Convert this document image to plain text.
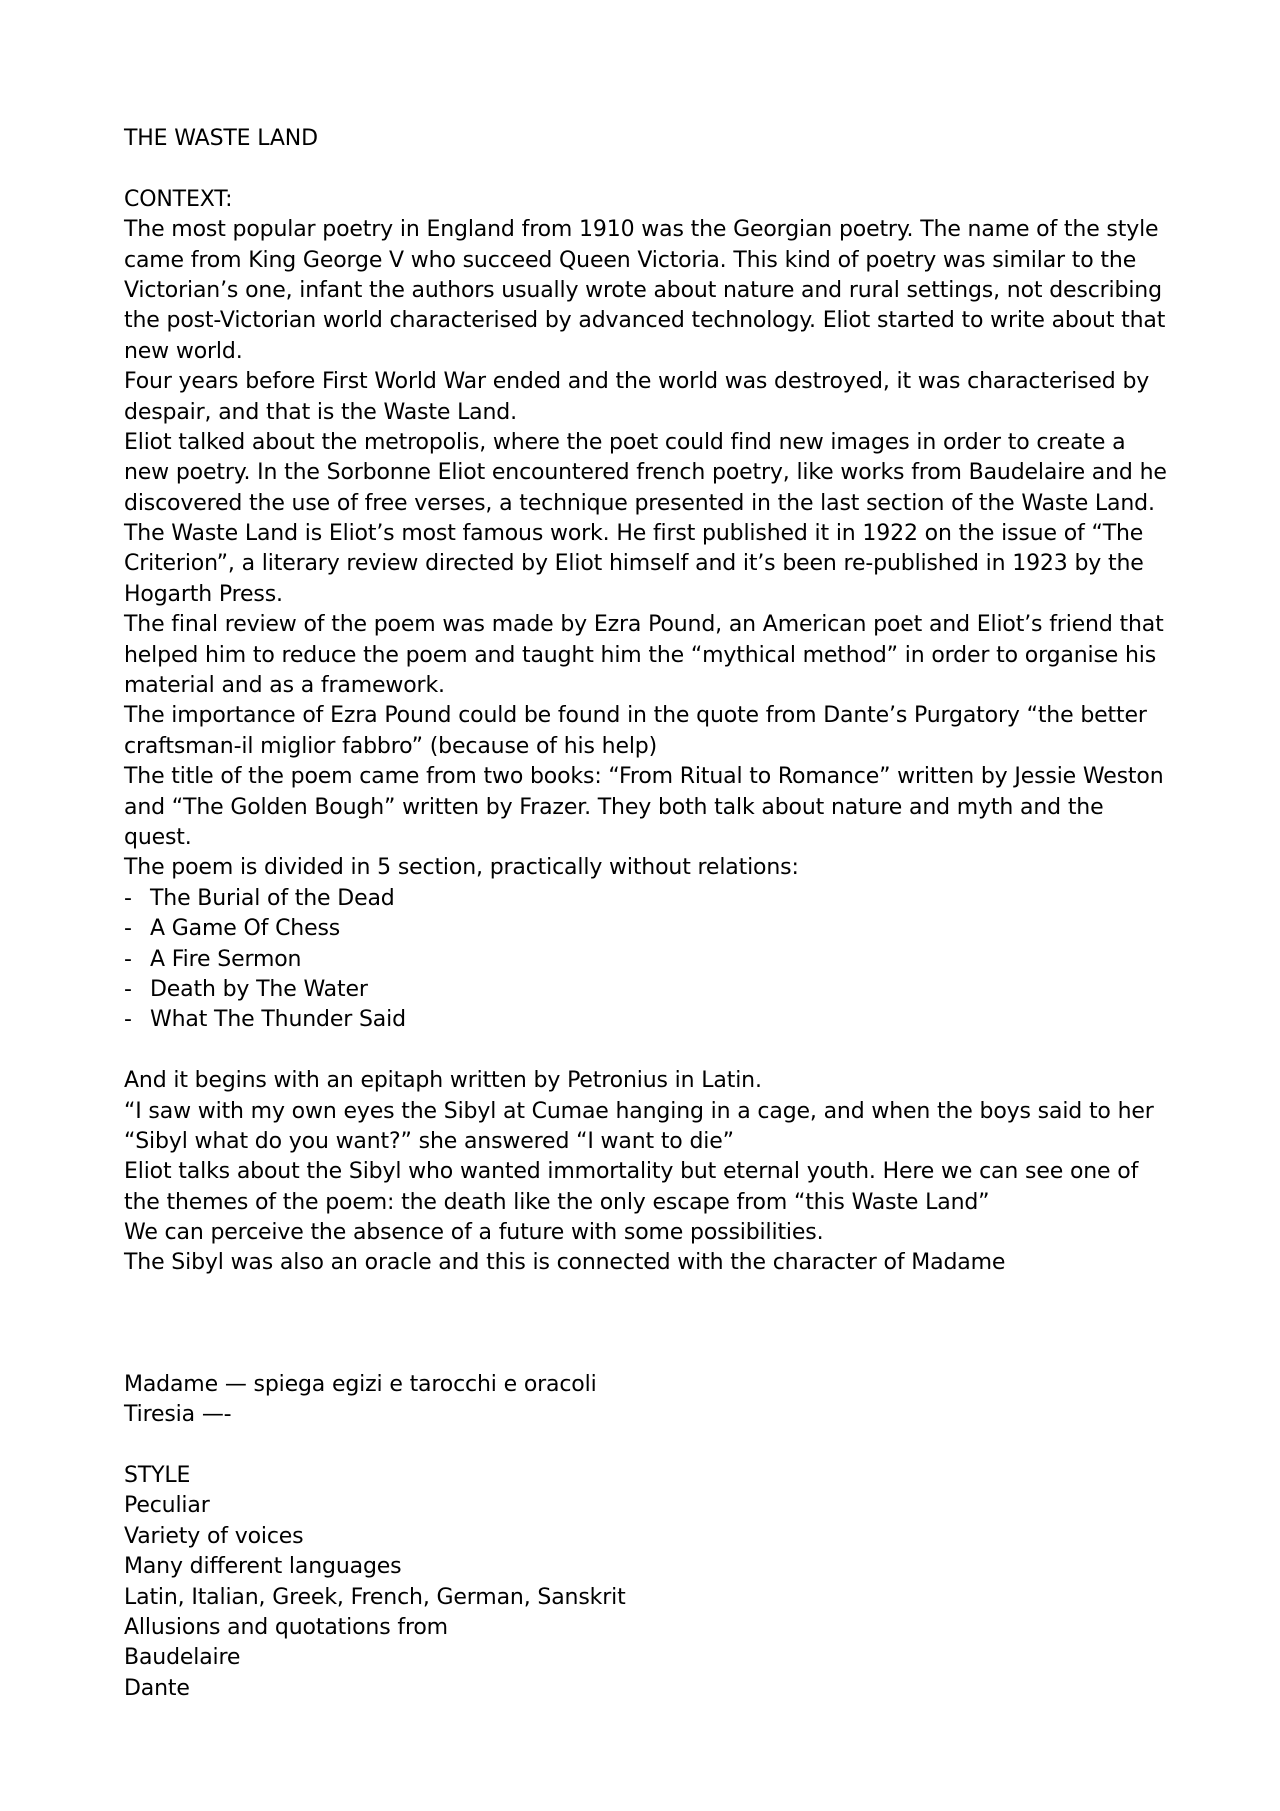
THE WASTE LAND
CONTEXT:
The most popular poetry in England from 1910 was the Georgian poetry. The name of the style
came from King George V who succeed Queen Victoria. This kind of poetry was similar to the
Victorian’s one, infant the authors usually wrote about nature and rural settings, not describing
the post-Victorian world characterised by advanced technology. Eliot started to write about that
new world.
Four years before First World War ended and the world was destroyed, it was characterised by
despair, and that is the Waste Land.
Eliot talked about the metropolis, where the poet could find new images in order to create a
new poetry. In the Sorbonne Eliot encountered french poetry, like works from Baudelaire and he
discovered the use of free verses, a technique presented in the last section of the Waste Land.
The Waste Land is Eliot’s most famous work. He first published it in 1922 on the issue of “The
Criterion”, a literary review directed by Eliot himself and it’s been re-published in 1923 by the
Hogarth Press.
The final review of the poem was made by Ezra Pound, an American poet and Eliot’s friend that
helped him to reduce the poem and taught him the “mythical method” in order to organise his
material and as a framework.
The importance of Ezra Pound could be found in the quote from Dante’s Purgatory “the better
craftsman-il miglior fabbro” (because of his help)
The title of the poem came from two books: “From Ritual to Romance” written by Jessie Weston
and “The Golden Bough” written by Frazer. They both talk about nature and myth and the
quest.
The poem is divided in 5 section, practically without relations:
- The Burial of the Dead
- A Game Of Chess
- A Fire Sermon
- Death by The Water
- What The Thunder Said
And it begins with an epitaph written by Petronius in Latin.
“I saw with my own eyes the Sibyl at Cumae hanging in a cage, and when the boys said to her
“Sibyl what do you want?” she answered “I want to die”
Eliot talks about the Sibyl who wanted immortality but eternal youth. Here we can see one of
the themes of the poem: the death like the only escape from “this Waste Land”
We can perceive the absence of a future with some possibilities.
The Sibyl was also an oracle and this is connected with the character of Madame
Madame — spiega egizi e tarocchi e oracoli
Tiresia —-
STYLE
Peculiar
Variety of voices
Many different languages
Latin, Italian, Greek, French, German, Sanskrit
Allusions and quotations from
Baudelaire
Dante
